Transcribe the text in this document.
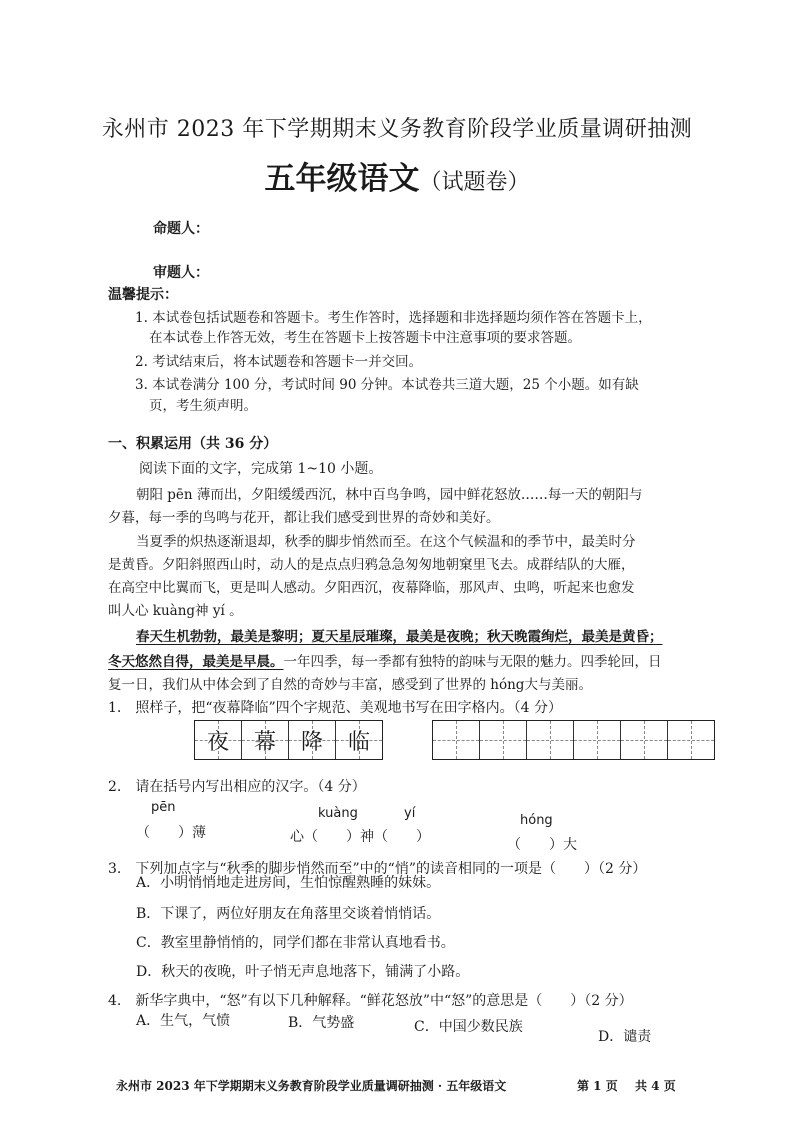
永州市 2023 年下学期期末义务教育阶段学业质量调研抽测
五年级语文（试题卷）
命题人：
审题人：
温馨提示：
1. 本试卷包括试题卷和答题卡。考生作答时，选择题和非选择题均须作答在答题卡上，
在本试卷上作答无效，考生在答题卡上按答题卡中注意事项的要求答题。
2. 考试结束后，将本试题卷和答题卡一并交回。
3. 本试卷满分 100 分，考试时间 90 分钟。本试卷共三道大题，25 个小题。如有缺
页，考生须声明。
一、积累运用（共 36 分）
阅读下面的文字，完成第 1~10 小题。
朝阳 pēn 薄而出，夕阳缓缓西沉，林中百鸟争鸣，园中鲜花怒放……每一天的朝阳与
夕暮，每一季的鸟鸣与花开，都让我们感受到世界的奇妙和美好。
当夏季的炽热逐渐退却，秋季的脚步悄然而至。在这个气候温和的季节中，最美时分
是黄昏。夕阳斜照西山时，动人的是点点归鸦急急匆匆地朝窠里飞去。成群结队的大雁，
在高空中比翼而飞，更是叫人感动。夕阳西沉，夜幕降临，那风声、虫鸣，听起来也愈发
叫人心 kuàng神 yí 。
春天生机勃勃，最美是黎明；夏天星辰璀璨，最美是夜晚；秋天晚霞绚烂，最美是黄昏；
冬天悠然自得，最美是早晨。一年四季，每一季都有独特的韵味与无限的魅力。四季轮回，日
复一日，我们从中体会到了自然的奇妙与丰富，感受到了世界的 hóng大与美丽。
1.　照样子，把“夜幕降临”四个字规范、美观地书写在田字格内。（4 分）
夜 幕 降 临
2.　请在括号内写出相应的汉字。（4 分）
pēn	kuàng	yí	hóng
（　　）薄	心（　　）神（　　）	（　　）大
3.　下列加点字与“秋季的脚步悄然而至”中的“悄”的读音相同的一项是（　　）（2 分）
A．小明悄悄地走进房间，生怕惊醒熟睡的妹妹。
B．下课了，两位好朋友在角落里交谈着悄悄话。
C．教室里静悄悄的，同学们都在非常认真地看书。
D．秋天的夜晚，叶子悄无声息地落下，铺满了小路。
4.　新华字典中，“怒”有以下几种解释。“鲜花怒放”中“怒”的意思是（　　）（2 分）
A．生气，气愤	B．气势盛	C．中国少数民族
D．谴责
永州市 2023 年下学期期末义务教育阶段学业质量调研抽测 · 五年级语文	第 1 页 共 4 页
